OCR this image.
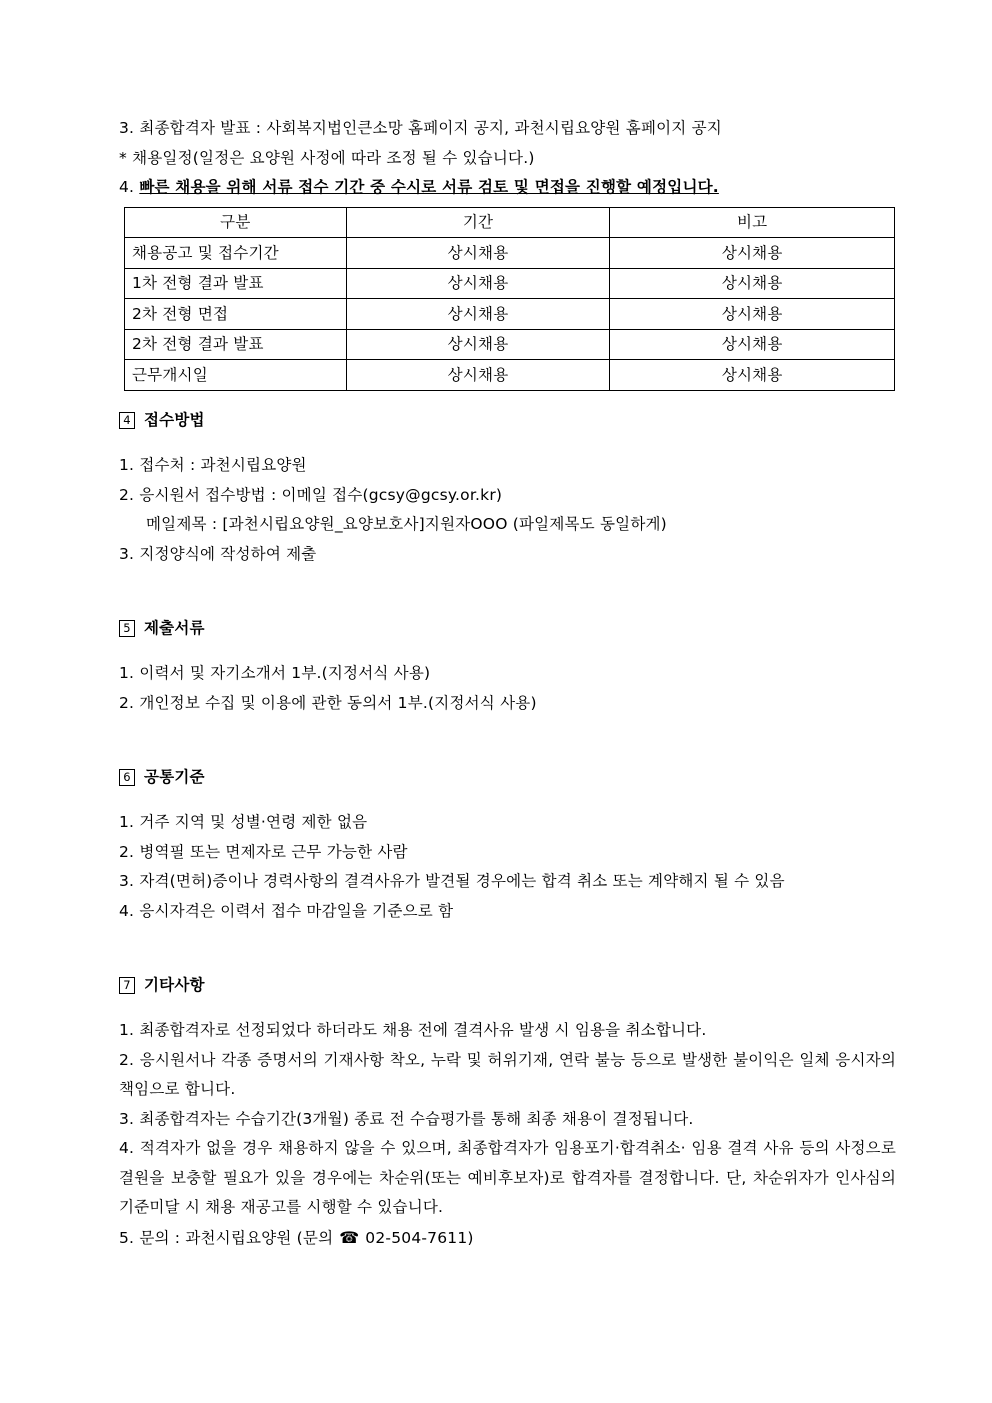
3. 최종합격자 발표 : 사회복지법인큰소망 홈페이지 공지, 과천시립요양원 홈페이지 공지

* 채용일정(일정은 요양원 사정에 따라 조정 될 수 있습니다.)

4. 빠른 채용을 위해 서류 접수 기간 중 수시로 서류 검토 및 면접을 진행할 예정입니다.

구분	기간	비고
채용공고 및 접수기간	상시채용	상시채용
1차 전형 결과 발표	상시채용	상시채용
2차 전형 면접	상시채용	상시채용
2차 전형 결과 발표	상시채용	상시채용
근무개시일	상시채용	상시채용

4 접수방법

1. 접수처 : 과천시립요양원

2. 응시원서 접수방법 : 이메일 접수(gcsy@gcsy.or.kr)

메일제목 : [과천시립요양원_요양보호사]지원자OOO (파일제목도 동일하게)

3. 지정양식에 작성하여 제출

5 제출서류

1. 이력서 및 자기소개서 1부.(지정서식 사용)

2. 개인정보 수집 및 이용에 관한 동의서 1부.(지정서식 사용)

6 공통기준

1. 거주 지역 및 성별·연령 제한 없음

2. 병역필 또는 면제자로 근무 가능한 사람

3. 자격(면허)증이나 경력사항의 결격사유가 발견될 경우에는 합격 취소 또는 계약해지 될 수 있음

4. 응시자격은 이력서 접수 마감일을 기준으로 함

7 기타사항

1. 최종합격자로 선정되었다 하더라도 채용 전에 결격사유 발생 시 임용을 취소합니다.

2. 응시원서나 각종 증명서의 기재사항 착오, 누락 및 허위기재, 연락 불능 등으로 발생한 불이익은 일체 응시자의 책임으로 합니다.

3. 최종합격자는 수습기간(3개월) 종료 전 수습평가를 통해 최종 채용이 결정됩니다.

4. 적격자가 없을 경우 채용하지 않을 수 있으며, 최종합격자가 임용포기·합격취소· 임용 결격 사유 등의 사정으로 결원을 보충할 필요가 있을 경우에는 차순위(또는 예비후보자)로 합격자를 결정합니다. 단, 차순위자가 인사심의 기준미달 시 채용 재공고를 시행할 수 있습니다.

5. 문의 : 과천시립요양원 (문의 ☎ 02-504-7611)
